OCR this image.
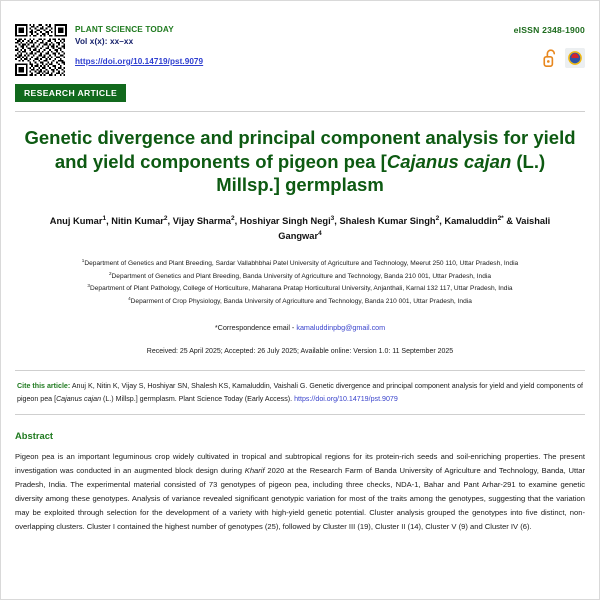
PLANT SCIENCE TODAY
Vol x(x): xx–xx
https://doi.org/10.14719/pst.9079
eISSN 2348-1900
RESEARCH ARTICLE
Genetic divergence and principal component analysis for yield and yield components of pigeon pea [Cajanus cajan (L.) Millsp.] germplasm
Anuj Kumar$^1$, Nitin Kumar$^2$, Vijay Sharma$^2$, Hoshiyar Singh Negi$^3$, Shalesh Kumar Singh$^2$, Kamaluddin$^{2*}$ & Vaishali Gangwar$^4$
$^1$Department of Genetics and Plant Breeding, Sardar Vallabhbhai Patel University of Agriculture and Technology, Meerut 250 110, Uttar Pradesh, India
$^2$Department of Genetics and Plant Breeding, Banda University of Agriculture and Technology, Banda 210 001, Uttar Pradesh, India
$^3$Department of Plant Pathology, College of Horticulture, Maharana Pratap Horticultural University, Anjanthali, Karnal 132 117, Uttar Pradesh, India
$^4$Deparment of Crop Physiology, Banda University of Agriculture and Technology, Banda 210 001, Uttar Pradesh, India
*Correspondence email - kamaluddinpbg@gmail.com
Received: 25 April 2025; Accepted: 26 July 2025; Available online: Version 1.0: 11 September 2025
Cite this article: Anuj K, Nitin K, Vijay S, Hoshiyar SN, Shalesh KS, Kamaluddin, Vaishali G. Genetic divergence and principal component analysis for yield and yield components of pigeon pea [Cajanus cajan (L.) Millsp.] germplasm. Plant Science Today (Early Access). https://doi.org/10.14719/pst.9079
Abstract
Pigeon pea is an important leguminous crop widely cultivated in tropical and subtropical regions for its protein-rich seeds and soil-enriching properties. The present investigation was conducted in an augmented block design during Kharif 2020 at the Research Farm of Banda University of Agriculture and Technology, Banda, Uttar Pradesh, India. The experimental material consisted of 73 genotypes of pigeon pea, including three checks, NDA-1, Bahar and Pant Arhar-291 to examine genetic diversity among these genotypes. Analysis of variance revealed significant genotypic variation for most of the traits among the genotypes, suggesting that the variation may be exploited through selection for the development of a variety with high-yield genetic potential. Cluster analysis grouped the genotypes into five distinct, non-overlapping clusters. Cluster I contained the highest number of genotypes (25), followed by Cluster III (19), Cluster II (14), Cluster V (9) and Cluster IV (6).
